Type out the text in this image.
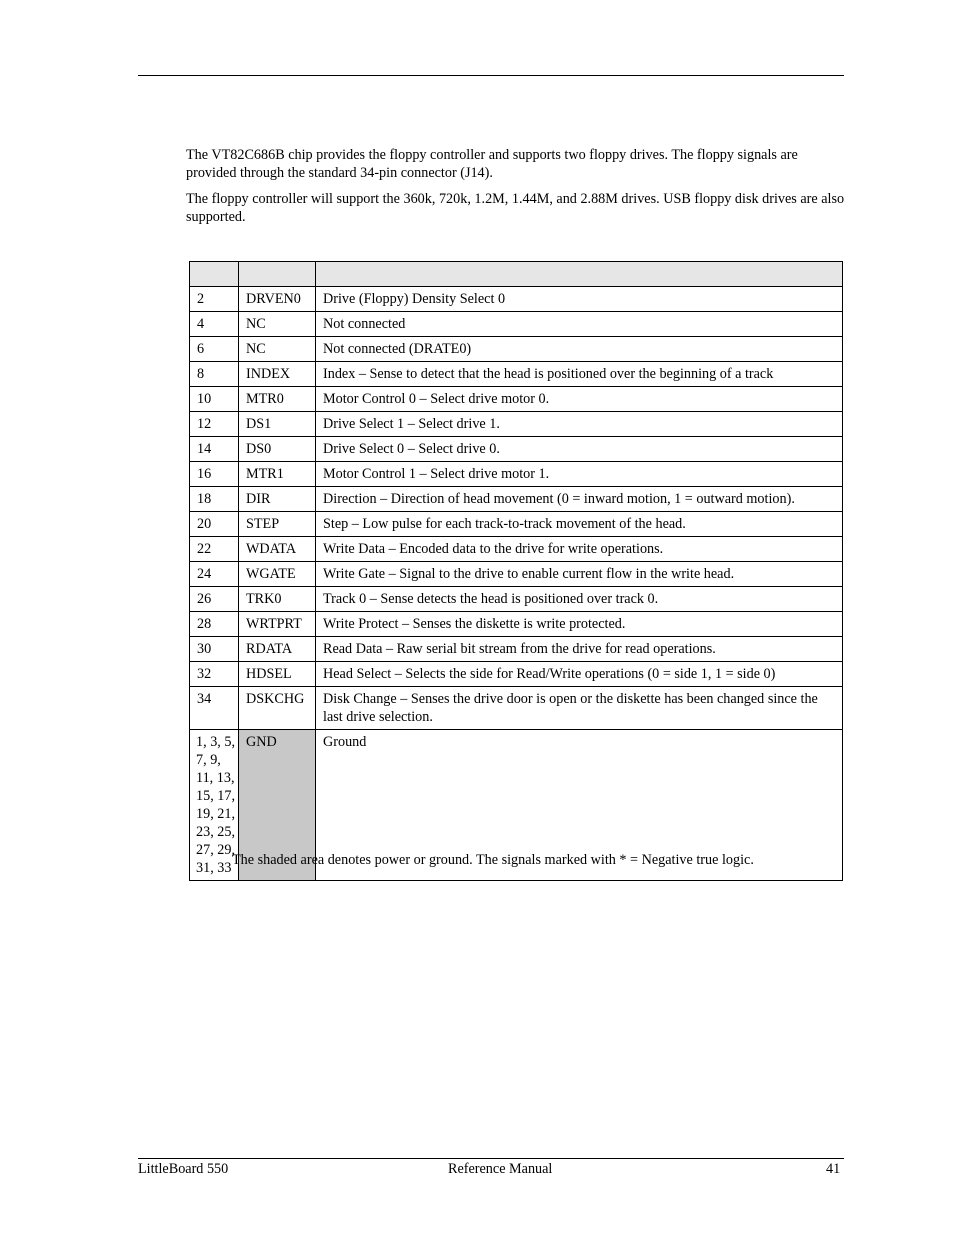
The VT82C686B chip provides the floppy controller and supports two floppy drives. The floppy signals are provided through the standard 34-pin connector (J14).

The floppy controller will support the 360k, 720k, 1.2M, 1.44M, and 2.88M drives. USB floppy disk drives are also supported.

2	DRVEN0	Drive (Floppy) Density Select 0
4	NC	Not connected
6	NC	Not connected (DRATE0)
8	INDEX	Index – Sense to detect that the head is positioned over the beginning of a track
10	MTR0	Motor Control 0 – Select drive motor 0.
12	DS1	Drive Select 1 – Select drive 1.
14	DS0	Drive Select 0 – Select drive 0.
16	MTR1	Motor Control 1 – Select drive motor 1.
18	DIR	Direction – Direction of head movement (0 = inward motion, 1 = outward motion).
20	STEP	Step – Low pulse for each track-to-track movement of the head.
22	WDATA	Write Data – Encoded data to the drive for write operations.
24	WGATE	Write Gate – Signal to the drive to enable current flow in the write head.
26	TRK0	Track 0 – Sense detects the head is positioned over track 0.
28	WRTPRT	Write Protect – Senses the diskette is write protected.
30	RDATA	Read Data – Raw serial bit stream from the drive for read operations.
32	HDSEL	Head Select – Selects the side for Read/Write operations (0 = side 1, 1 = side 0)
34	DSKCHG	Disk Change – Senses the drive door is open or the diskette has been changed since the last drive selection.
1, 3, 5, 7, 9, 11, 13, 15, 17, 19, 21, 23, 25, 27, 29, 31, 33	GND	Ground

The shaded area denotes power or ground. The signals marked with * = Negative true logic.

LittleBoard 550	Reference Manual	41
